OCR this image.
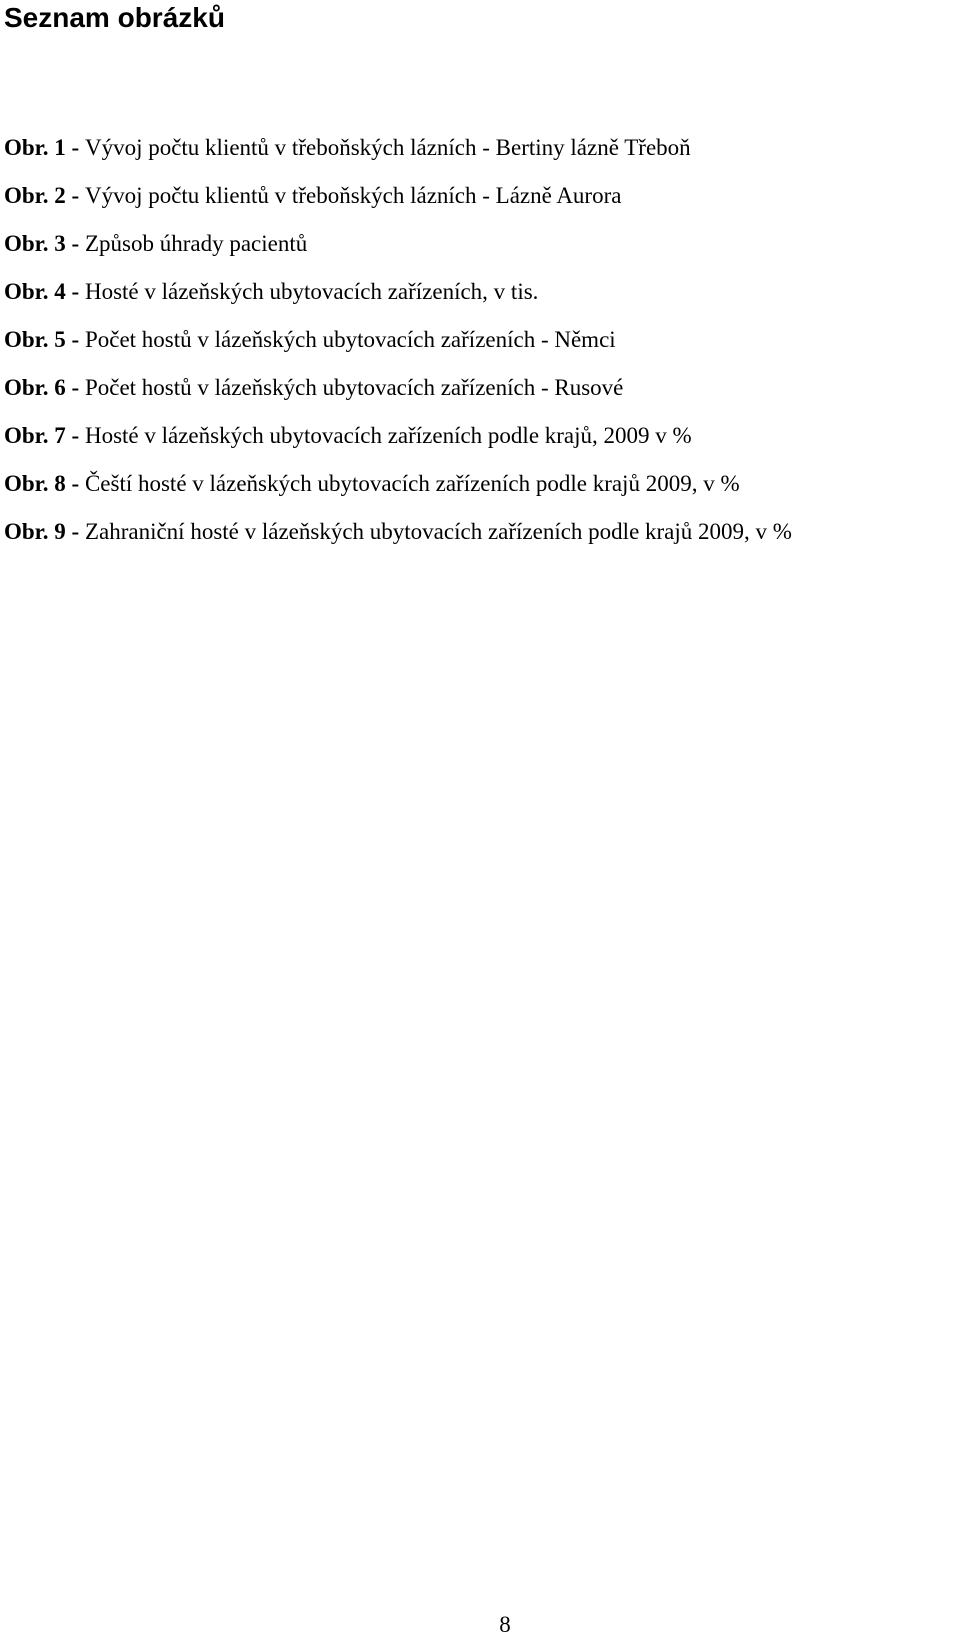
Seznam obrázků
Obr. 1 - Vývoj počtu klientů v třeboňských lázních - Bertiny lázně Třeboň
Obr. 2 - Vývoj počtu klientů v třeboňských lázních - Lázně Aurora
Obr. 3 - Způsob úhrady pacientů
Obr. 4 - Hosté v lázeňských ubytovacích zařízeních, v tis.
Obr. 5 - Počet hostů v lázeňských ubytovacích zařízeních - Němci
Obr. 6 - Počet hostů v lázeňských ubytovacích zařízeních - Rusové
Obr. 7 - Hosté v lázeňských ubytovacích zařízeních podle krajů, 2009 v %
Obr. 8 - Čeští hosté v lázeňských ubytovacích zařízeních podle krajů 2009, v %
Obr. 9 - Zahraniční hosté v lázeňských ubytovacích zařízeních podle krajů 2009, v %
8
